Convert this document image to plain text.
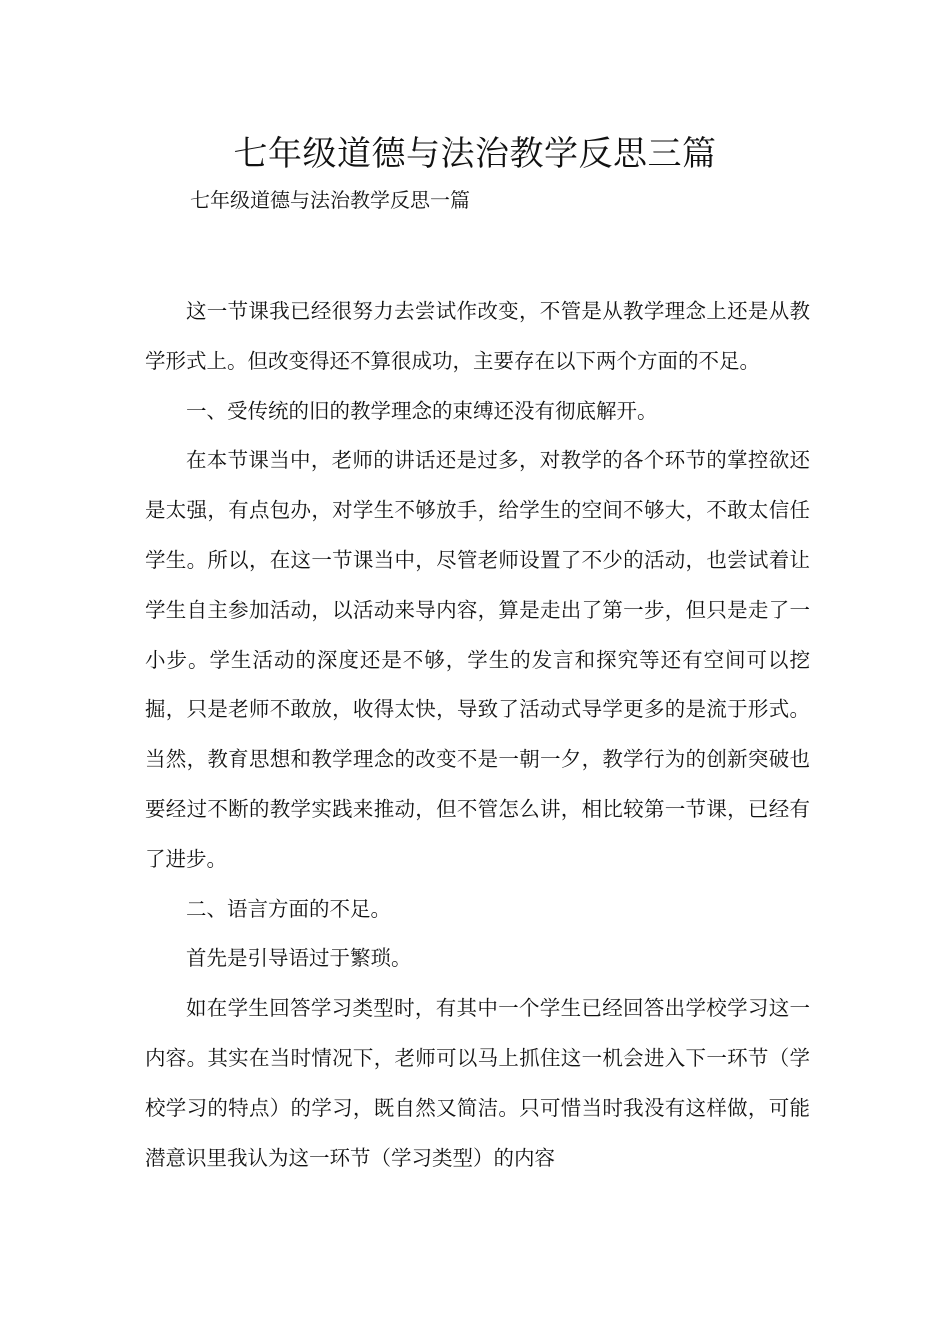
七年级道德与法治教学反思三篇
七年级道德与法治教学反思一篇

这一节课我已经很努力去尝试作改变，不管是从教学理念上还是从教学形式上。但改变得还不算很成功，主要存在以下两个方面的不足。

一、受传统的旧的教学理念的束缚还没有彻底解开。

在本节课当中，老师的讲话还是过多，对教学的各个环节的掌控欲还是太强，有点包办，对学生不够放手，给学生的空间不够大，不敢太信任学生。所以，在这一节课当中，尽管老师设置了不少的活动，也尝试着让学生自主参加活动，以活动来导内容，算是走出了第一步，但只是走了一小步。学生活动的深度还是不够，学生的发言和探究等还有空间可以挖掘，只是老师不敢放，收得太快，导致了活动式导学更多的是流于形式。当然，教育思想和教学理念的改变不是一朝一夕，教学行为的创新突破也要经过不断的教学实践来推动，但不管怎么讲，相比较第一节课，已经有了进步。

二、语言方面的不足。

首先是引导语过于繁琐。

如在学生回答学习类型时，有其中一个学生已经回答出学校学习这一内容。其实在当时情况下，老师可以马上抓住这一机会进入下一环节（学校学习的特点）的学习，既自然又简洁。只可惜当时我没有这样做，可能潜意识里我认为这一环节（学习类型）的内容
